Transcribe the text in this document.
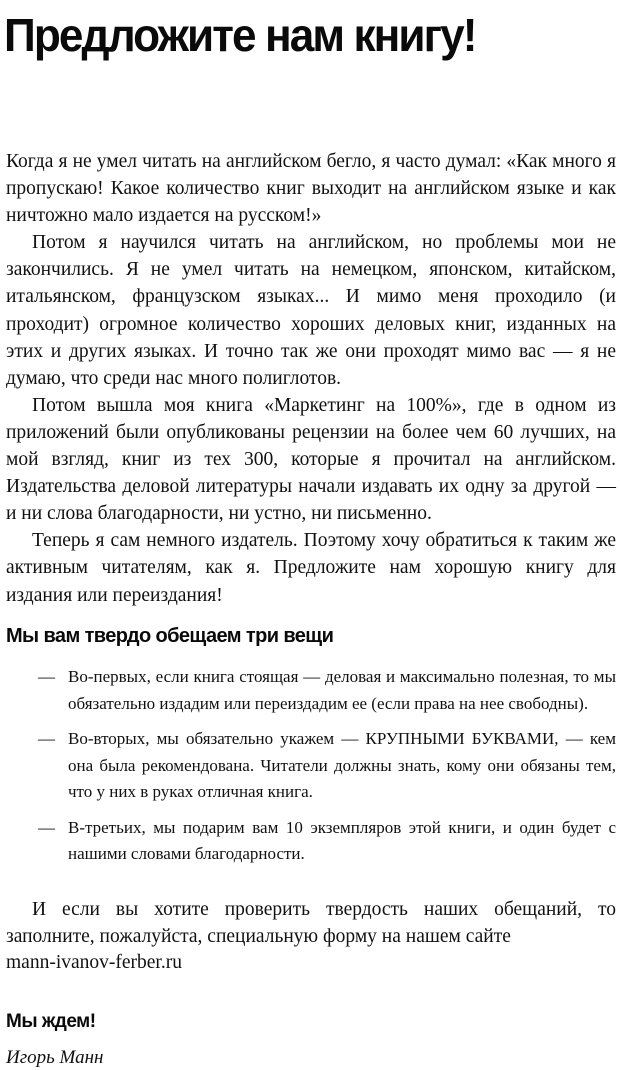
Предложите нам книгу!

Когда я не умел читать на английском бегло, я часто думал: «Как много я пропускаю! Какое количество книг выходит на английском языке и как ничтожно мало издается на русском!»

Потом я научился читать на английском, но проблемы мои не закончились. Я не умел читать на немецком, японском, китайском, итальянском, французском языках... И мимо меня проходило (и проходит) огромное количество хороших деловых книг, изданных на этих и других языках. И точно так же они проходят мимо вас — я не думаю, что среди нас много полиглотов.

Потом вышла моя книга «Маркетинг на 100%», где в одном из приложений были опубликованы рецензии на более чем 60 лучших, на мой взгляд, книг из тех 300, которые я прочитал на английском. Издательства деловой литературы начали издавать их одну за другой — и ни слова благодарности, ни устно, ни письменно.

Теперь я сам немного издатель. Поэтому хочу обратиться к таким же активным читателям, как я. Предложите нам хорошую книгу для издания или переиздания!

Мы вам твердо обещаем три вещи
— Во-первых, если книга стоящая — деловая и максимально полезная, то мы обязательно издадим или переиздадим ее (если права на нее свободны).
— Во-вторых, мы обязательно укажем — КРУПНЫМИ БУКВАМИ, — кем она была рекомендована. Читатели должны знать, кому они обязаны тем, что у них в руках отличная книга.
— В-третьих, мы подарим вам 10 экземпляров этой книги, и один будет с нашими словами благодарности.

И если вы хотите проверить твердость наших обещаний, то заполните, пожалуйста, специальную форму на нашем сайте
mann-ivanov-ferber.ru

Мы ждем!

Игорь Манн
